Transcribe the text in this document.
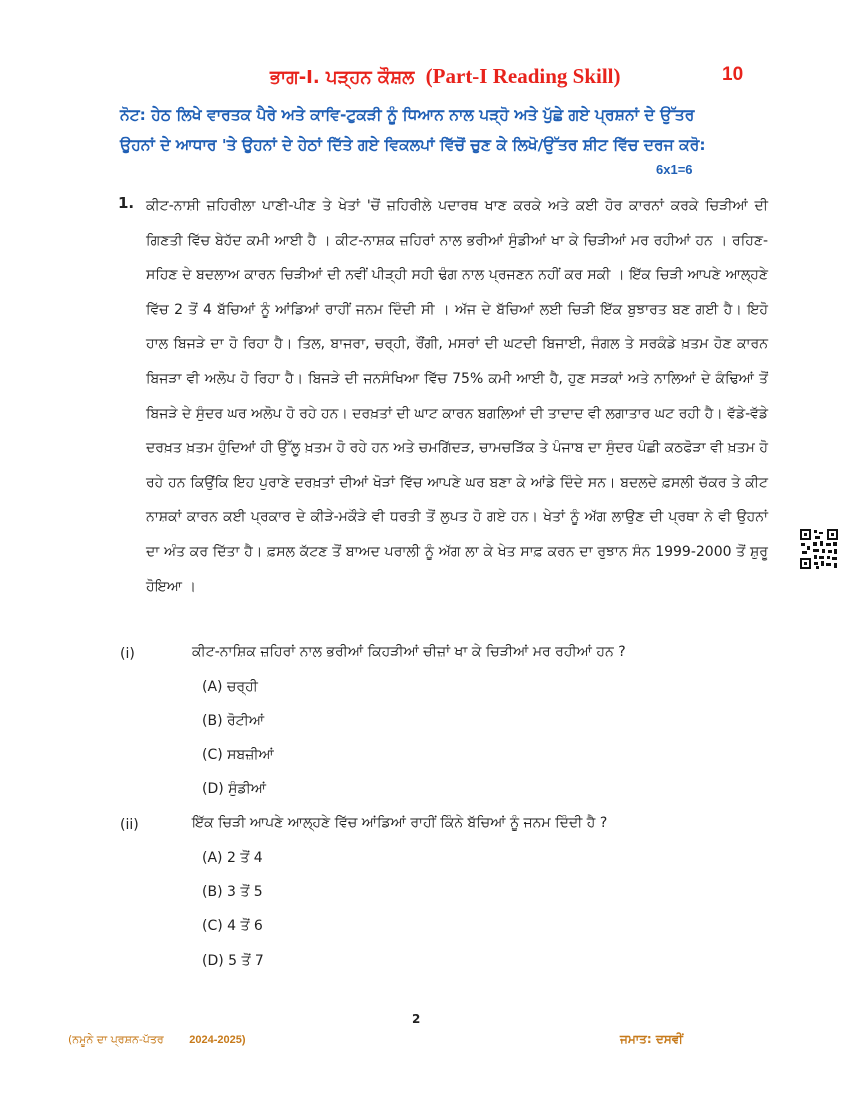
ਭਾਗ-I. ਪੜ੍ਹਨ ਕੌਸ਼ਲ (Part-I Reading Skill)	10
ਨੋਟ: ਹੇਠ ਲਿਖੇ ਵਾਰਤਕ ਪੈਰੇ ਅਤੇ ਕਾਵਿ-ਟੁਕੜੀ ਨੂੰ ਧਿਆਨ ਨਾਲ ਪੜ੍ਹੋ ਅਤੇ ਪੁੱਛੇ ਗਏ ਪ੍ਰਸ਼ਨਾਂ ਦੇ ਉੱਤਰ ਉਹਨਾਂ ਦੇ ਆਧਾਰ 'ਤੇ ਉਹਨਾਂ ਦੇ ਹੇਠਾਂ ਦਿੱਤੇ ਗਏ ਵਿਕਲਪਾਂ ਵਿੱਚੋਂ ਚੁਣ ਕੇ ਲਿਖੋ/ਉੱਤਰ ਸ਼ੀਟ ਵਿੱਚ ਦਰਜ ਕਰੋ:
6x1=6
1. ਕੀਟ-ਨਾਸ਼ੀ ਜ਼ਹਿਰੀਲਾ ਪਾਣੀ-ਪੀਣ ਤੇ ਖੇਤਾਂ 'ਚੋਂ ਜ਼ਹਿਰੀਲੇ ਪਦਾਰਥ ਖਾਣ ਕਰਕੇ ਅਤੇ ਕਈ ਹੋਰ ਕਾਰਨਾਂ ਕਰਕੇ ਚਿੜੀਆਂ ਦੀ ਗਿਣਤੀ ਵਿੱਚ ਬੇਹੱਦ ਕਮੀ ਆਈ ਹੈ । ਕੀਟ-ਨਾਸ਼ਕ ਜ਼ਹਿਰਾਂ ਨਾਲ ਭਰੀਆਂ ਸੁੰਡੀਆਂ ਖਾ ਕੇ ਚਿੜੀਆਂ ਮਰ ਰਹੀਆਂ ਹਨ । ਰਹਿਣ-ਸਹਿਣ ਦੇ ਬਦਲਾਅ ਕਾਰਨ ਚਿੜੀਆਂ ਦੀ ਨਵੀਂ ਪੀੜ੍ਹੀ ਸਹੀ ਢੰਗ ਨਾਲ ਪ੍ਰਜਣਨ ਨਹੀਂ ਕਰ ਸਕੀ । ਇੱਕ ਚਿੜੀ ਆਪਣੇ ਆਲ੍ਹਣੇ ਵਿੱਚ 2 ਤੋਂ 4 ਬੱਚਿਆਂ ਨੂੰ ਆਂਡਿਆਂ ਰਾਹੀਂ ਜਨਮ ਦਿੰਦੀ ਸੀ । ਅੱਜ ਦੇ ਬੱਚਿਆਂ ਲਈ ਚਿੜੀ ਇੱਕ ਬੁਝਾਰਤ ਬਣ ਗਈ ਹੈ। ਇਹੋ ਹਾਲ ਬਿਜੜੇ ਦਾ ਹੋ ਰਿਹਾ ਹੈ। ਤਿਲ, ਬਾਜਰਾ, ਚਰ੍ਹੀ, ਰੌਂਗੀ, ਮਸਰਾਂ ਦੀ ਘਟਦੀ ਬਿਜਾਈ, ਜੰਗਲ ਤੇ ਸਰਕੰਡੇ ਖ਼ਤਮ ਹੋਣ ਕਾਰਨ ਬਿਜੜਾ ਵੀ ਅਲੋਪ ਹੋ ਰਿਹਾ ਹੈ। ਬਿਜੜੇ ਦੀ ਜਨਸੰਖਿਆ ਵਿੱਚ 75% ਕਮੀ ਆਈ ਹੈ, ਹੁਣ ਸੜਕਾਂ ਅਤੇ ਨਾਲਿਆਂ ਦੇ ਕੰਢਿਆਂ ਤੋਂ ਬਿਜੜੇ ਦੇ ਸੁੰਦਰ ਘਰ ਅਲੋਪ ਹੋ ਰਹੇ ਹਨ। ਦਰਖ਼ਤਾਂ ਦੀ ਘਾਟ ਕਾਰਨ ਬਗਲਿਆਂ ਦੀ ਤਾਦਾਦ ਵੀ ਲਗਾਤਾਰ ਘਟ ਰਹੀ ਹੈ। ਵੱਡੇ-ਵੱਡੇ ਦਰਖ਼ਤ ਖ਼ਤਮ ਹੁੰਦਿਆਂ ਹੀ ਉੱਲੂ ਖ਼ਤਮ ਹੋ ਰਹੇ ਹਨ ਅਤੇ ਚਮਗਿੱਦੜ, ਚਾਮਚੜਿੱਕ ਤੇ ਪੰਜਾਬ ਦਾ ਸੁੰਦਰ ਪੰਛੀ ਕਠਫੋੜਾ ਵੀ ਖ਼ਤਮ ਹੋ ਰਹੇ ਹਨ ਕਿਉਂਕਿ ਇਹ ਪੁਰਾਣੇ ਦਰਖ਼ਤਾਂ ਦੀਆਂ ਖੋੜਾਂ ਵਿੱਚ ਆਪਣੇ ਘਰ ਬਣਾ ਕੇ ਆਂਡੇ ਦਿੰਦੇ ਸਨ। ਬਦਲਦੇ ਫ਼ਸਲੀ ਚੱਕਰ ਤੇ ਕੀਟ ਨਾਸ਼ਕਾਂ ਕਾਰਨ ਕਈ ਪ੍ਰਕਾਰ ਦੇ ਕੀੜੇ-ਮਕੌੜੇ ਵੀ ਧਰਤੀ ਤੋਂ ਲੁਪਤ ਹੋ ਗਏ ਹਨ। ਖੇਤਾਂ ਨੂੰ ਅੱਗ ਲਾਉਣ ਦੀ ਪ੍ਰਥਾ ਨੇ ਵੀ ਉਹਨਾਂ ਦਾ ਅੰਤ ਕਰ ਦਿੱਤਾ ਹੈ। ਫ਼ਸਲ ਕੱਟਣ ਤੋਂ ਬਾਅਦ ਪਰਾਲੀ ਨੂੰ ਅੱਗ ਲਾ ਕੇ ਖੇਤ ਸਾਫ਼ ਕਰਨ ਦਾ ਰੁਝਾਨ ਸੰਨ 1999-2000 ਤੋਂ ਸ਼ੁਰੂ ਹੋਇਆ ।

(i)	ਕੀਟ-ਨਾਸ਼ਿਕ ਜ਼ਹਿਰਾਂ ਨਾਲ ਭਰੀਆਂ ਕਿਹੜੀਆਂ ਚੀਜ਼ਾਂ ਖਾ ਕੇ ਚਿੜੀਆਂ ਮਰ ਰਹੀਆਂ ਹਨ ?
(A) ਚਰ੍ਹੀ
(B) ਰੋਟੀਆਂ
(C) ਸਬਜ਼ੀਆਂ
(D) ਸੁੰਡੀਆਂ
(ii)	ਇੱਕ ਚਿੜੀ ਆਪਣੇ ਆਲ੍ਹਣੇ ਵਿੱਚ ਆਂਡਿਆਂ ਰਾਹੀਂ ਕਿੰਨੇ ਬੱਚਿਆਂ ਨੂੰ ਜਨਮ ਦਿੰਦੀ ਹੈ ?
(A) 2 ਤੋਂ 4
(B) 3 ਤੋਂ 5
(C) 4 ਤੋਂ 6
(D) 5 ਤੋਂ 7
2
(ਨਮੂਨੇ ਦਾ ਪ੍ਰਸ਼ਨ-ਪੱਤਰ 2024-2025)	ਜਮਾਤ: ਦਸਵੀਂ
